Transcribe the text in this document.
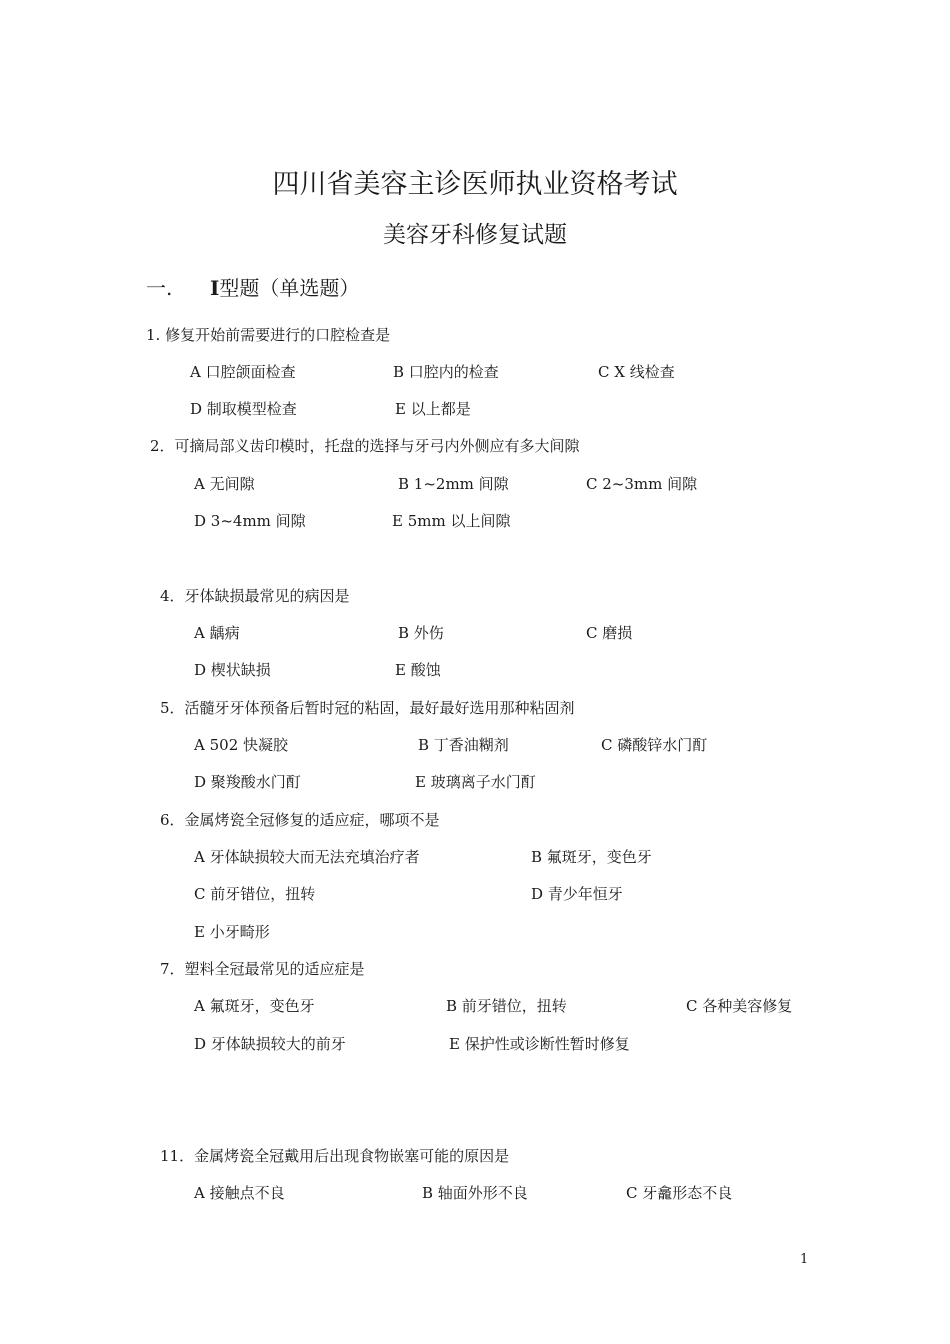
四川省美容主诊医师执业资格考试
美容牙科修复试题
一. I型题（单选题）
1. 修复开始前需要进行的口腔检查是
A 口腔颌面检查	B 口腔内的检查	C X 线检查
D 制取模型检查	E 以上都是
2．可摘局部义齿印模时，托盘的选择与牙弓内外侧应有多大间隙
A 无间隙	B 1~2mm 间隙	C 2~3mm 间隙
D 3~4mm 间隙	E 5mm 以上间隙
4．牙体缺损最常见的病因是
A 龋病	B 外伤	C 磨损
D 楔状缺损	E 酸蚀
5．活髓牙牙体预备后暂时冠的粘固，最好最好选用那种粘固剂
A 502 快凝胶	B 丁香油糊剂	C 磷酸锌水门酊
D 聚羧酸水门酊	E 玻璃离子水门酊
6．金属烤瓷全冠修复的适应症，哪项不是
A 牙体缺损较大而无法充填治疗者	B 氟斑牙，变色牙
C 前牙错位，扭转	D 青少年恒牙
E 小牙畸形
7．塑料全冠最常见的适应症是
A 氟斑牙，变色牙	B 前牙错位，扭转	C 各种美容修复
D 牙体缺损较大的前牙	E 保护性或诊断性暂时修复
11．金属烤瓷全冠戴用后出现食物嵌塞可能的原因是
A 接触点不良	B 轴面外形不良	C 牙龕形态不良
1
